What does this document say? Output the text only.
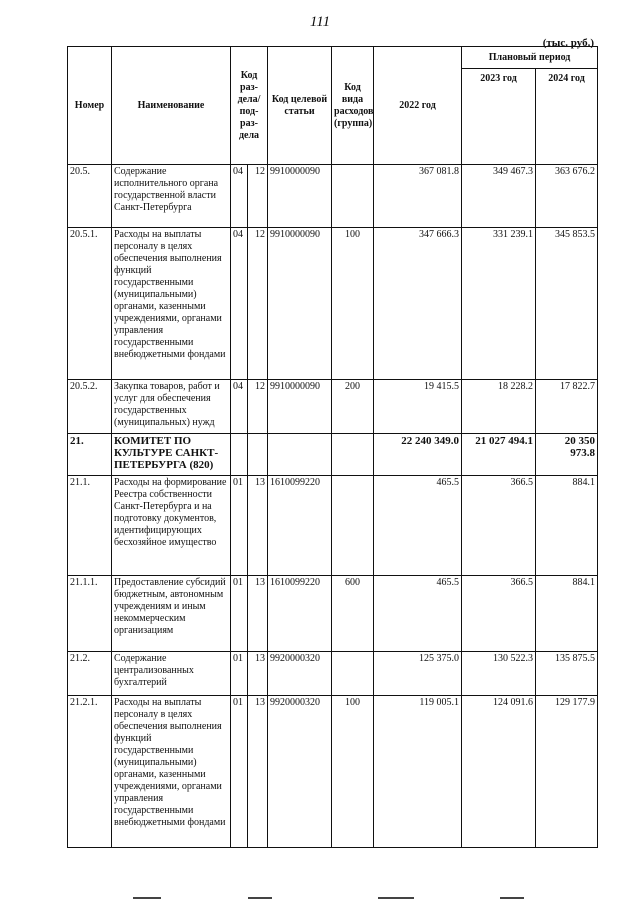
111
(тыс. руб.)
Номер	Наименование	Код раз-дела/ под-раз-дела		Код целевой статьи	Код вида расходов (группа)	2022 год	Плановый период	
							2023 год	2024 год
20.5.	Содержание исполнительного органа государственной власти Санкт-Петербурга	04	12	9910000090		367 081.8	349 467.3	363 676.2
20.5.1.	Расходы на выплаты персоналу в целях обеспечения выполнения функций государственными (муниципальными) органами, казенными учреждениями, органами управления государственными внебюджетными фондами	04	12	9910000090	100	347 666.3	331 239.1	345 853.5
20.5.2.	Закупка товаров, работ и услуг для обеспечения государственных (муниципальных) нужд	04	12	9910000090	200	19 415.5	18 228.2	17 822.7
21.	КОМИТЕТ ПО КУЛЬТУРЕ САНКТ-ПЕТЕРБУРГА (820)					22 240 349.0	21 027 494.1	20 350 973.8
21.1.	Расходы на формирование Реестра собственности Санкт-Петербурга и на подготовку документов, идентифицирующих бесхозяйное имущество	01	13	1610099220		465.5	366.5	884.1
21.1.1.	Предоставление субсидий бюджетным, автономным учреждениям и иным некоммерческим организациям	01	13	1610099220	600	465.5	366.5	884.1
21.2.	Содержание централизованных бухгалтерий	01	13	9920000320		125 375.0	130 522.3	135 875.5
21.2.1.	Расходы на выплаты персоналу в целях обеспечения выполнения функций государственными (муниципальными) органами, казенными учреждениями, органами управления государственными внебюджетными фондами	01	13	9920000320	100	119 005.1	124 091.6	129 177.9
